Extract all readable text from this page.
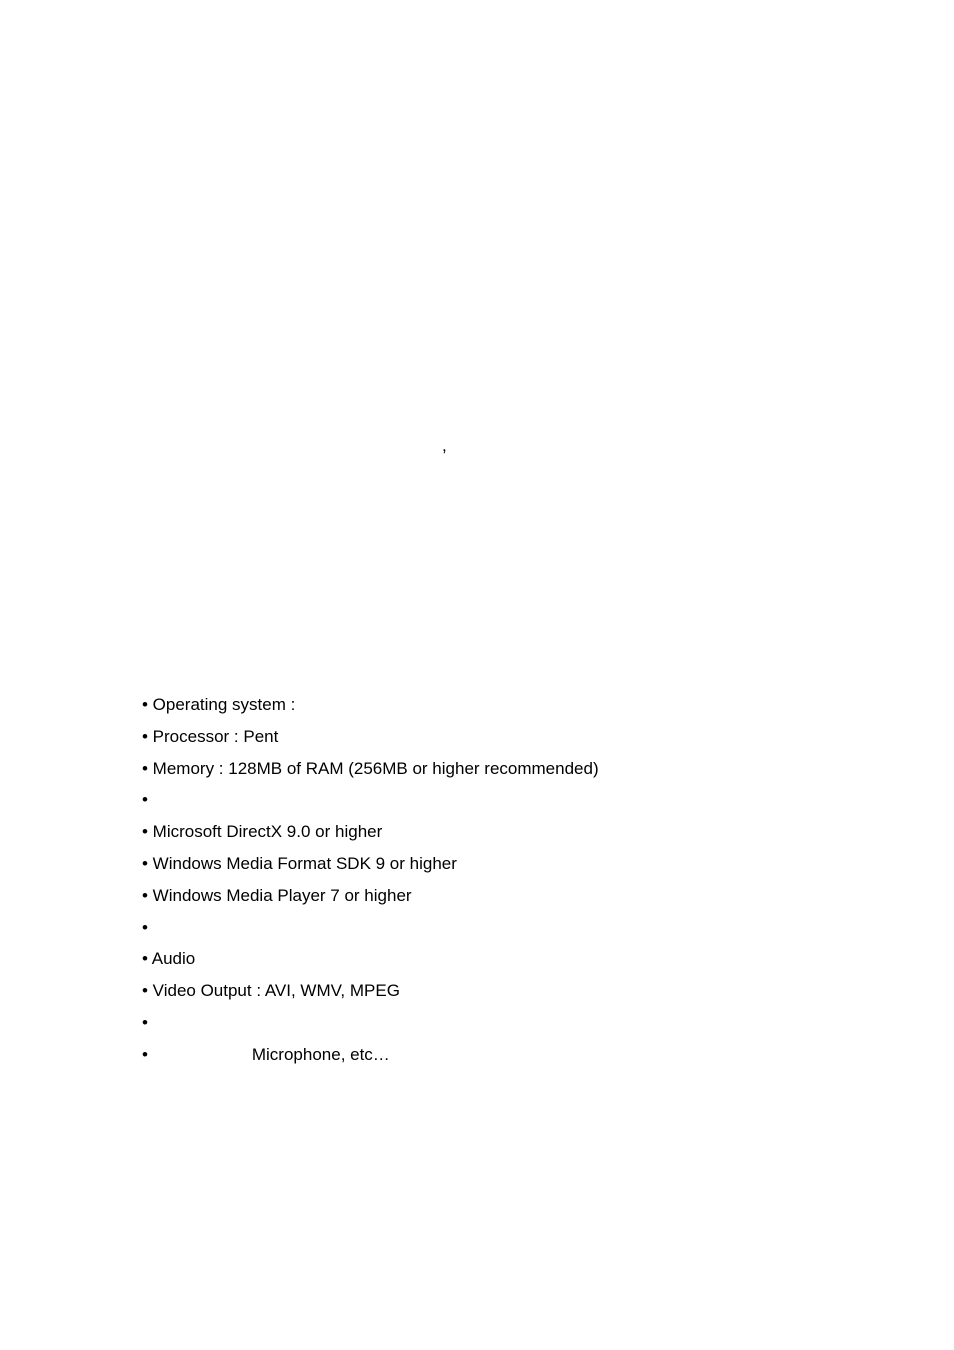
,
• Operating system :
• Processor : Pent
• Memory : 128MB of RAM (256MB or higher recommended)
•
• Microsoft DirectX 9.0 or higher
• Windows Media Format SDK 9 or higher
• Windows Media Player 7 or higher
•
• Audio
• Video Output : AVI, WMV, MPEG
•
•                      Microphone, etc…
